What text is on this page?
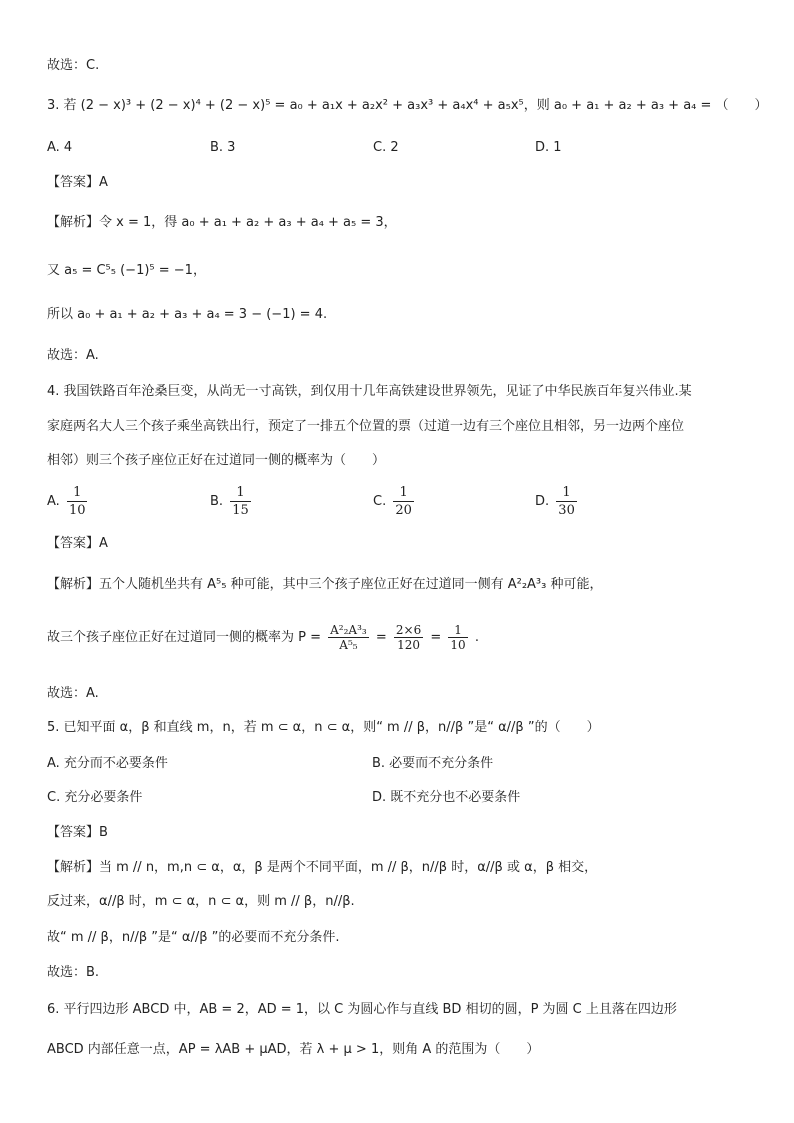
故选：C.
3. 若 (2 − x)³ + (2 − x)⁴ + (2 − x)⁵ = a₀ + a₁x + a₂x² + a₃x³ + a₄x⁴ + a₅x⁵，则 a₀ + a₁ + a₂ + a₃ + a₄ = （　　）
A. 4	B. 3	C. 2	D. 1
【答案】A
【解析】令 x = 1，得 a₀ + a₁ + a₂ + a₃ + a₄ + a₅ = 3，
又 a₅ = C⁵₅ (−1)⁵ = −1，
所以 a₀ + a₁ + a₂ + a₃ + a₄ = 3 − (−1) = 4.
故选：A.
4. 我国铁路百年沧桑巨变，从尚无一寸高铁，到仅用十几年高铁建设世界领先，见证了中华民族百年复兴伟业.某
家庭两名大人三个孩子乘坐高铁出行，预定了一排五个位置的票（过道一边有三个座位且相邻，另一边两个座位
相邻）则三个孩子座位正好在过道同一侧的概率为（　　）
A. $\frac{1}{10}$	B. $\frac{1}{15}$	C. $\frac{1}{20}$	D. $\frac{1}{30}$
【答案】A
【解析】五个人随机坐共有 A⁵₅ 种可能，其中三个孩子座位正好在过道同一侧有 A²₂A³₃ 种可能，
故三个孩子座位正好在过道同一侧的概率为 $P = \frac{\text{A²₂A³₃}}{\text{A⁵₅}} = \frac{2\times 6}{120} = \frac{1}{10}$ .
故选：A.
5. 已知平面 α，β 和直线 m，n，若 m ⊂ α，n ⊂ α，则“ m // β，n//β ”是“ α//β ”的（　　）
A. 充分而不必要条件	B. 必要而不充分条件
C. 充分必要条件	D. 既不充分也不必要条件
【答案】B
【解析】当 m // n，m,n ⊂ α，α，β 是两个不同平面，m // β，n//β 时，α//β 或 α，β 相交，
反过来，α//β 时，m ⊂ α，n ⊂ α，则 m // β，n//β.
故“ m // β，n//β ”是“ α//β ”的必要而不充分条件.
故选：B.
6. 平行四边形 ABCD 中，AB = 2，AD = 1，以 C 为圆心作与直线 BD 相切的圆，P 为圆 C 上且落在四边形
ABCD 内部任意一点，AP = λAB + μAD，若 λ + μ > 1，则角 A 的范围为（　　）
